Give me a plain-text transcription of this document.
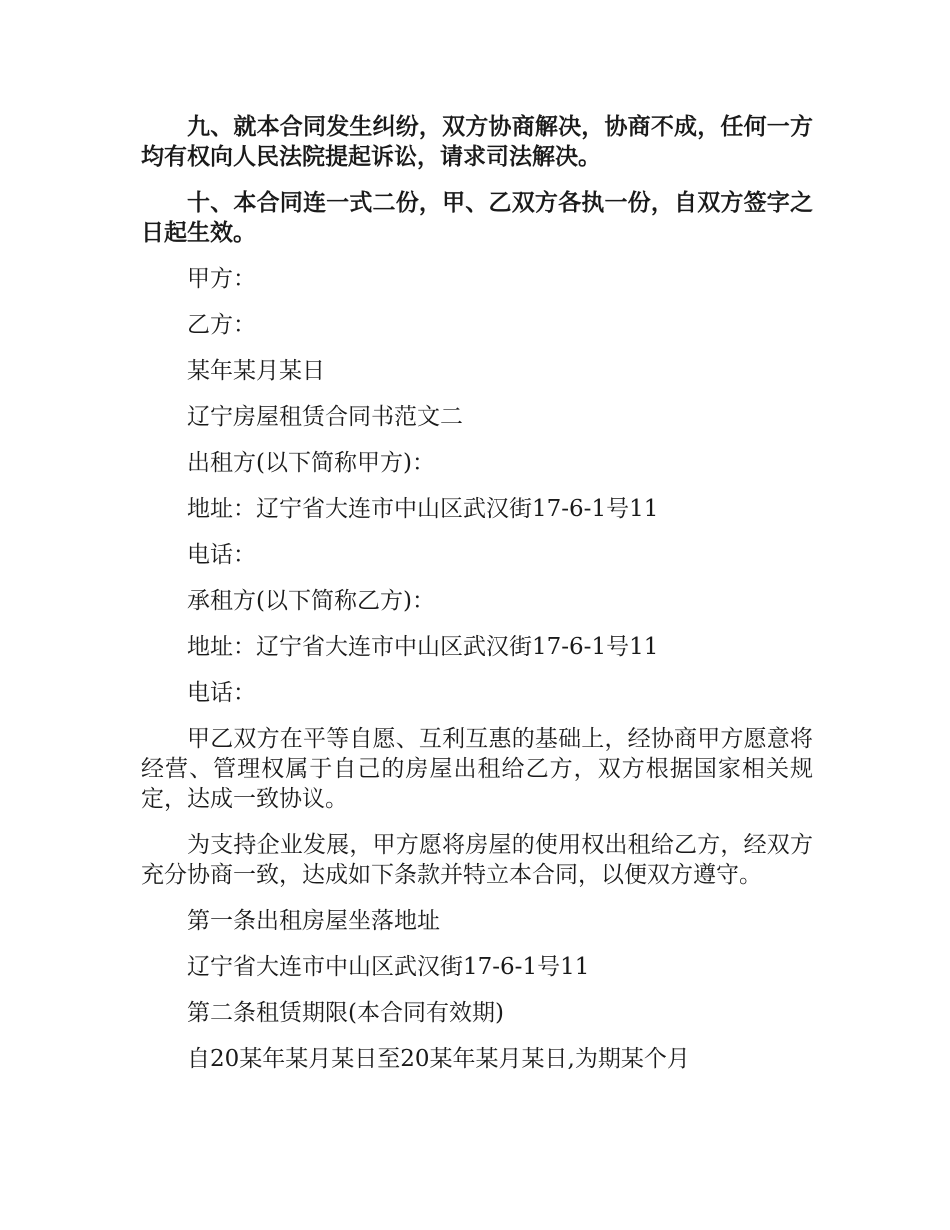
九、就本合同发生纠纷，双方协商解决，协商不成，任何一方均有权向人民法院提起诉讼，请求司法解决。

十、本合同连一式二份，甲、乙双方各执一份，自双方签字之日起生效。

甲方：

乙方：

某年某月某日

辽宁房屋租赁合同书范文二

出租方(以下简称甲方)：

地址：辽宁省大连市中山区武汉街17-6-1号11

电话：

承租方(以下简称乙方)：

地址：辽宁省大连市中山区武汉街17-6-1号11

电话：

甲乙双方在平等自愿、互利互惠的基础上，经协商甲方愿意将经营、管理权属于自己的房屋出租给乙方，双方根据国家相关规定，达成一致协议。

为支持企业发展，甲方愿将房屋的使用权出租给乙方，经双方充分协商一致，达成如下条款并特立本合同，以便双方遵守。

第一条出租房屋坐落地址

辽宁省大连市中山区武汉街17-6-1号11

第二条租赁期限(本合同有效期)

自20某年某月某日至20某年某月某日,为期某个月
